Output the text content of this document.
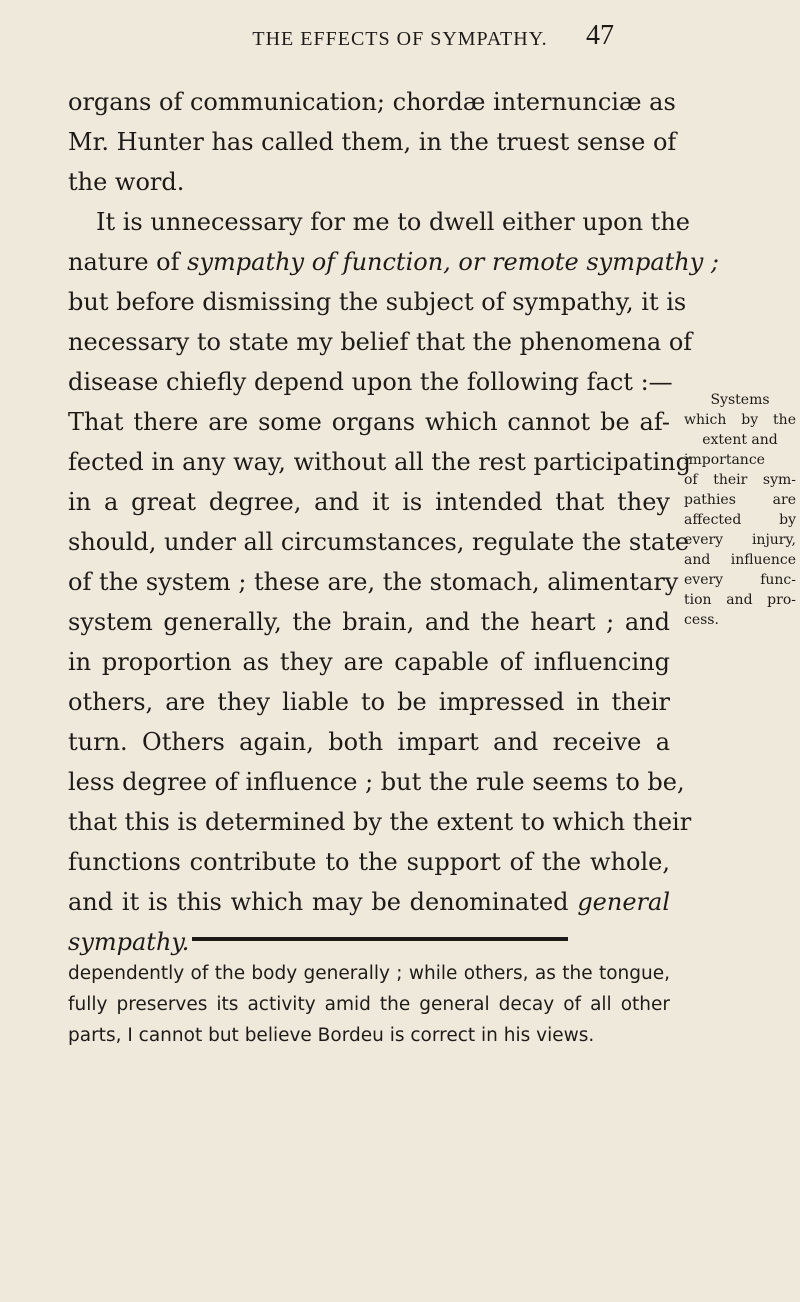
THE EFFECTS OF SYMPATHY.	47
organs of communication; chordæ internunciæ as
Mr. Hunter has called them, in the truest sense of
the word.
It is unnecessary for me to dwell either upon the
nature of sympathy of function, or remote sympathy ;
but before dismissing the subject of sympathy, it is
necessary to state my belief that the phenomena of
disease chiefly depend upon the following fact :—
That there are some organs which cannot be af-
fected in any way, without all the rest participating
in a great degree, and it is intended that they
should, under all circumstances, regulate the state
of the system ; these are, the stomach, alimentary
system generally, the brain, and the heart ; and
in proportion as they are capable of influencing
others, are they liable to be impressed in their
turn. Others again, both impart and receive a
less degree of influence ; but the rule seems to be,
that this is determined by the extent to which their
functions contribute to the support of the whole,
and it is this which may be denominated general
sympathy.
Systems
which by the
extent and
importance
of their sym-
pathies are
affected by
every injury,
and influence
every func-
tion and pro-
cess.
dependently of the body generally ; while others, as the tongue,
fully preserves its activity amid the general decay of all other
parts, I cannot but believe Bordeu is correct in his views.
